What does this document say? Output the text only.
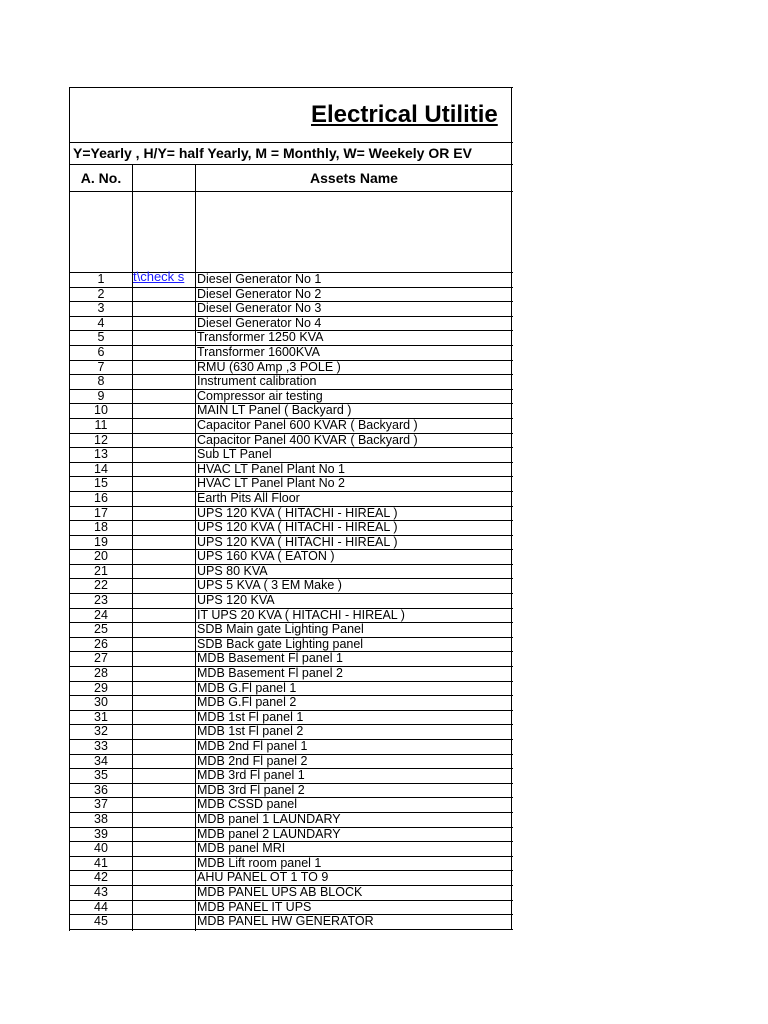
Electrical Utilitie
Y=Yearly , H/Y= half Yearly, M = Monthly, W= Weekely OR EV
A. No.	Assets Name
1	Diesel Generator No 1
2	Diesel Generator No 2
3	Diesel Generator No 3
4	Diesel Generator No 4
5	Transformer 1250 KVA
6	Transformer 1600KVA
7	RMU (630 Amp ,3 POLE )
8	Instrument calibration
9	Compressor air testing
10	MAIN LT Panel ( Backyard )
11	Capacitor Panel 600 KVAR ( Backyard )
12	Capacitor Panel 400 KVAR ( Backyard )
13	Sub LT Panel
14	HVAC LT Panel Plant No 1
15	HVAC LT Panel Plant No 2
16	Earth Pits All Floor
17	UPS 120 KVA ( HITACHI - HIREAL )
18	UPS 120 KVA ( HITACHI - HIREAL )
19	UPS 120 KVA ( HITACHI - HIREAL )
20	UPS 160 KVA ( EATON )
21	UPS 80 KVA
22	UPS 5 KVA ( 3 EM Make )
23	UPS 120 KVA
24	IT UPS 20 KVA ( HITACHI - HIREAL )
25	SDB Main gate Lighting Panel
26	SDB Back gate Lighting panel
27	MDB Basement Fl panel 1
28	MDB Basement Fl panel 2
29	MDB G.Fl panel 1
30	MDB G.Fl panel 2
31	MDB 1st Fl panel 1
32	MDB 1st Fl panel 2
33	MDB 2nd Fl panel 1
34	MDB 2nd Fl panel 2
35	MDB 3rd Fl panel 1
36	MDB 3rd Fl panel 2
37	MDB CSSD panel
38	MDB panel 1 LAUNDARY
39	MDB panel 2 LAUNDARY
40	MDB panel MRI
41	MDB Lift room panel 1
42	AHU PANEL OT 1 TO 9
43	MDB PANEL UPS AB BLOCK
44	MDB PANEL IT UPS
45	MDB PANEL HW GENERATOR
t\check s
